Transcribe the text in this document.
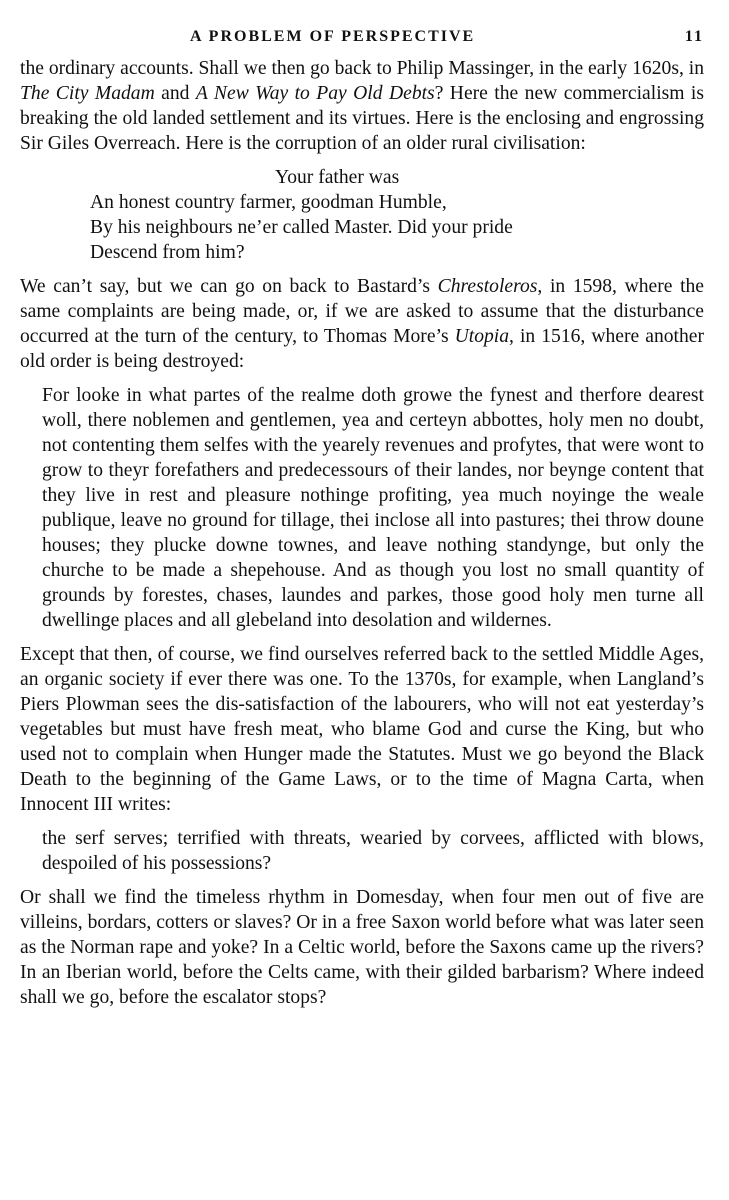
A PROBLEM OF PERSPECTIVE	11

the ordinary accounts. Shall we then go back to Philip Massinger, in the early 1620s, in The City Madam and A New Way to Pay Old Debts? Here the new commercialism is breaking the old landed settlement and its virtues. Here is the enclosing and engrossing Sir Giles Overreach. Here is the corruption of an older rural civilisation:

Your father was
An honest country farmer, goodman Humble,
By his neighbours ne’er called Master. Did your pride
Descend from him?

We can’t say, but we can go on back to Bastard’s Chrestoleros, in 1598, where the same complaints are being made, or, if we are asked to assume that the disturbance occurred at the turn of the century, to Thomas More’s Utopia, in 1516, where another old order is being destroyed:

For looke in what partes of the realme doth growe the fynest and therfore dearest woll, there noblemen and gentlemen, yea and certeyn abbottes, holy men no doubt, not contenting them selfes with the yearely revenues and profytes, that were wont to grow to theyr forefathers and predecessours of their landes, nor beynge content that they live in rest and pleasure nothinge profiting, yea much noyinge the weale publique, leave no ground for tillage, thei inclose all into pastures; thei throw doune houses; they plucke downe townes, and leave nothing standynge, but only the churche to be made a shepehouse. And as though you lost no small quantity of grounds by forestes, chases, laundes and parkes, those good holy men turne all dwellinge places and all glebeland into desolation and wildernes.

Except that then, of course, we find ourselves referred back to the settled Middle Ages, an organic society if ever there was one. To the 1370s, for example, when Langland’s Piers Plowman sees the dis-satisfaction of the labourers, who will not eat yesterday’s vegetables but must have fresh meat, who blame God and curse the King, but who used not to complain when Hunger made the Statutes. Must we go beyond the Black Death to the beginning of the Game Laws, or to the time of Magna Carta, when Innocent III writes:

the serf serves; terrified with threats, wearied by corvees, afflicted with blows, despoiled of his possessions?

Or shall we find the timeless rhythm in Domesday, when four men out of five are villeins, bordars, cotters or slaves? Or in a free Saxon world before what was later seen as the Norman rape and yoke? In a Celtic world, before the Saxons came up the rivers? In an Iberian world, before the Celts came, with their gilded barbarism? Where indeed shall we go, before the escalator stops?
